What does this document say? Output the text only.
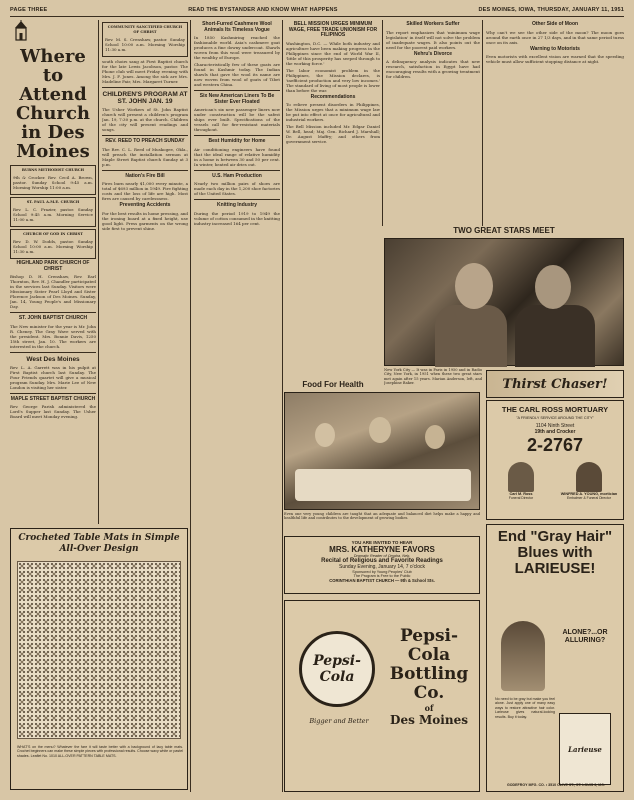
PAGE THREE	READ THE BYSTANDER AND KNOW WHAT HAPPENS	DES MOINES, IOWA, THURSDAY, JANUARY 11, 1951
Where to Attend Church in Des Moines
BURNS METHODIST CHURCH

9th & Crocker. Rev. Cecil A. Brown, pastor. Sunday School 9:45 a.m. Morning Worship 11:00 a.m.

ST. PAUL A.M.E. CHURCH

Rev. L. C. Frazier, pastor. Sunday School 9:45 a.m. Morning Service 11:00 a.m.

CHURCH OF GOD IN CHRIST

Rev. D. W. Dodds, pastor. Sunday School 10:00 a.m. Morning Worship 11:30 a.m.

HIGHLAND PARK CHURCH OF CHRIST

Bishop D. H. Crenshaw, Rev. Earl Thornton, Rev. H. J. Chandler participated in the services last Sunday. Visitors were Missionary Sister Pearl Lloyd and Sister Florence Jackson of Des Moines. Sunday, Jan. 14, Young People's and Missionary Day.

ST. JOHN BAPTIST CHURCH

The New minister for the year is Mr. John R. Cheney. The Gray Wave served with the president. Mrs. Bonnie Davis, 1250 15th street, Jan. 10. The workers are interested in the church.

West Des Moines

Rev. L. A. Garrett was in his pulpit at First Baptist church last Sunday. The Four Friends quartet will give a musical program Sunday. Mrs. Marie Lee of New London is visiting her sister.

MAPLE STREET BAPTIST CHURCH

Rev. George Parish administered the Lord's Supper last Sunday. The Usher Board will meet Monday evening.

COMMUNITY SANCTIFIED CHURCH OF CHRIST

Rev. M. S. Crenshaw, pastor. Sunday School 10:00 a.m. Morning Worship 11:30 a.m.

south choirs sang at First Baptist church for the late Lewis Jacobson, pastor. The Phone club will meet Friday evening with Mrs. J. F. Jones. Among the sick are Mrs. Madeline Fair, Mrs. Margaret Turner.

CHILDREN'S PROGRAM AT ST. JOHN JAN. 19

The Usher Workers of St. John Baptist church will present a children's program Jan. 19, 7:30 p.m. at the church. Children of the city will present readings and songs.

REV. REED TO PREACH SUNDAY

The Rev. C. L. Reed of Muskogee, Okla., will preach the installation sermon at Maple Street Baptist church Sunday at 3 p.m.

Nation's Fire Bill

Fires burn nearly $1,000 every minute, a total of $693 million in 1949. Fire fighting costs and the loss of life are high. Most fires are caused by carelessness.

Preventing Accidents

For the best results in home pressing, and the ironing board at a fixed height, use good light. Press garments on the wrong side first to prevent shine.

Short-Furred Cashmere Wool Animals Its Timeless Vogue

In 1850 Kashmiring reached the fashionable world. Asia's cashmere goat produces a fine downy undercoat. Shawls woven from this wool were treasured by the wealthy of Europe.

Characteristically few of these goats are found in Kashmir today. The Indian shawls that gave the wool its name are now woven from wool of goats of Tibet and western China.

Six New American Liners To Be Sister Ever Floated

American's six new passenger liners now under construction will be the safest ships ever built. Specifications of the vessels call for fire-resistant materials throughout.

Best Humidity for Home

Air conditioning engineers have found that the ideal range of relative humidity in a home is between 30 and 50 per cent. In winter, heated air dries out.

U.S. Ham Production

Nearly two million pairs of shoes are made each day in the 1,200 shoe factories of the United States.

Knitting Industry

During the period 1919 to 1949 the volume of cotton consumed in the knitting industry increased 164 per cent.

BELL MISSION URGES MINIMUM WAGE, FREE TRADE UNIONISM FOR FILIPINOS

Washington, D.C. — While both industry and agriculture have been making progress in the Philippines since the end of World War II, 'little of this prosperity has seeped through to the working force.'

The labor economist problem in the Philippines, the Mission declares, is 'inefficient production and very low incomes.' The standard of living of most people is lower than before the war.

Recommendations

To relieve present disorders in Philippines, the Mission urges that a minimum wage law be put into effect at once for agricultural and industrial workers.

The Bell Mission included Mr. Edgar Daniel W. Bell, head; Maj. Gen. Richard J. Marshall; Dr. August Maffry; and others from government service.

Skilled Workers Suffer

The report emphasizes that 'minimum wage legislation' in itself will not solve the problem of inadequate wages. It also points out the need for the poorest paid workers.

Nehru's Divorce

A delinquency analysis indicates that new research, satisfaction in Egypt have had encouraging results with a growing treatment for children.

Other Side of Moon

Why can't we see the other side of the moon? The moon goes around the earth once in 27 1/3 days, and in that same period turns once on its axis.

Warning to Motorists

Even motorists with excellent vision are warned that the speeding vehicle must allow sufficient stopping distance at night.

TWO GREAT STARS MEET

New York City — It was in Paris in 1950 and in Radio City, New York, in 1951 when these two great stars met again after 15 years. Marian Anderson, left, and Josephine Baker.

Food For Health

Even one very young children are taught that an adequate and balanced diet helps make a happy and healthful life and contributes to the development of growing bodies.

Crocheted Table Mats in Simple All-Over Design
WHAT'S on the menu? Whatever the fare it will taste better with a background of lacy table mats. Crochet beginners can make these simple pieces with professional results. Choose wavy white or pastel shades. Leaflet No. 1010 ALL-OVER PATTERN TABLE MATS.
YOU ARE INVITED TO HEAR
MRS. KATHERYNE FAVORS
Dramatic Reader of Omaha, Neb.
Recital of Religious and Favorite Readings
Sunday Evening, January 14, 7 o'clock
Sponsored by Young Peoples' Club
The Program is Free to the Public
CORINTHIAN BAPTIST CHURCH — 9th & School Sts.
Pepsi-Cola
Pepsi-
Cola
Bottling
Co.
of
Des Moines
Bigger and Better
Thirst Chaser!
THE CARL ROSS MORTUARY
"A FRIENDLY SERVICE AROUND THE CITY"
1104 Ninth Street
19th and Crocker
2-2767
Carl M. Ross
Funeral Director
WINFRED A. YOUNG, mortician
Embalmer & Funeral Director
End "Gray Hair" Blues with LARIEUSE!
ALONE?...OR ALLURING?
No need to be gray but make you feel alone. Just apply one of many easy ways to restore attractive hair color. Larieuse gives natural-looking results. Buy it today.
Larieuse
GODEFROY MFG. CO. • 3510 OLIVE ST., ST. LOUIS 3, MO.
